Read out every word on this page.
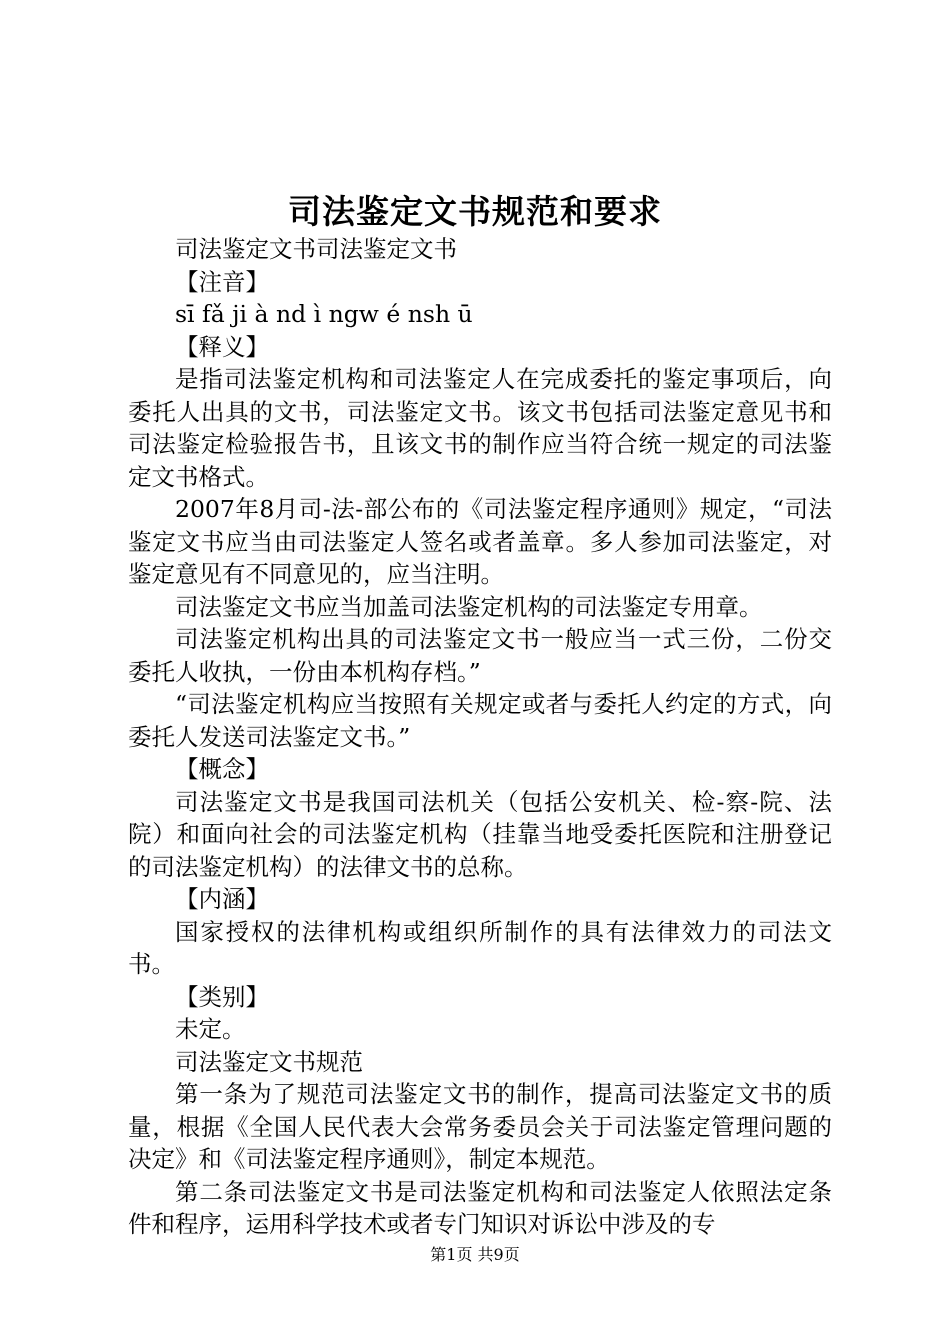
司法鉴定文书规范和要求

司法鉴定文书司法鉴定文书

【注音】

sī fǎ ji à nd ì ngw é nsh ū

【释义】

是指司法鉴定机构和司法鉴定人在完成委托的鉴定事项后，向委托人出具的文书，司法鉴定文书。该文书包括司法鉴定意见书和司法鉴定检验报告书，且该文书的制作应当符合统一规定的司法鉴定文书格式。

2007年8月司-法-部公布的《司法鉴定程序通则》规定，“司法鉴定文书应当由司法鉴定人签名或者盖章。多人参加司法鉴定，对鉴定意见有不同意见的，应当注明。

司法鉴定文书应当加盖司法鉴定机构的司法鉴定专用章。

司法鉴定机构出具的司法鉴定文书一般应当一式三份，二份交委托人收执，一份由本机构存档。”

“司法鉴定机构应当按照有关规定或者与委托人约定的方式，向委托人发送司法鉴定文书。”

【概念】

司法鉴定文书是我国司法机关（包括公安机关、检-察-院、法院）和面向社会的司法鉴定机构（挂靠当地受委托医院和注册登记的司法鉴定机构）的法律文书的总称。

【内涵】

国家授权的法律机构或组织所制作的具有法律效力的司法文书。

【类别】

未定。

司法鉴定文书规范

第一条为了规范司法鉴定文书的制作，提高司法鉴定文书的质量，根据《全国人民代表大会常务委员会关于司法鉴定管理问题的决定》和《司法鉴定程序通则》，制定本规范。

第二条司法鉴定文书是司法鉴定机构和司法鉴定人依照法定条件和程序，运用科学技术或者专门知识对诉讼中涉及的专

第1页 共9页
